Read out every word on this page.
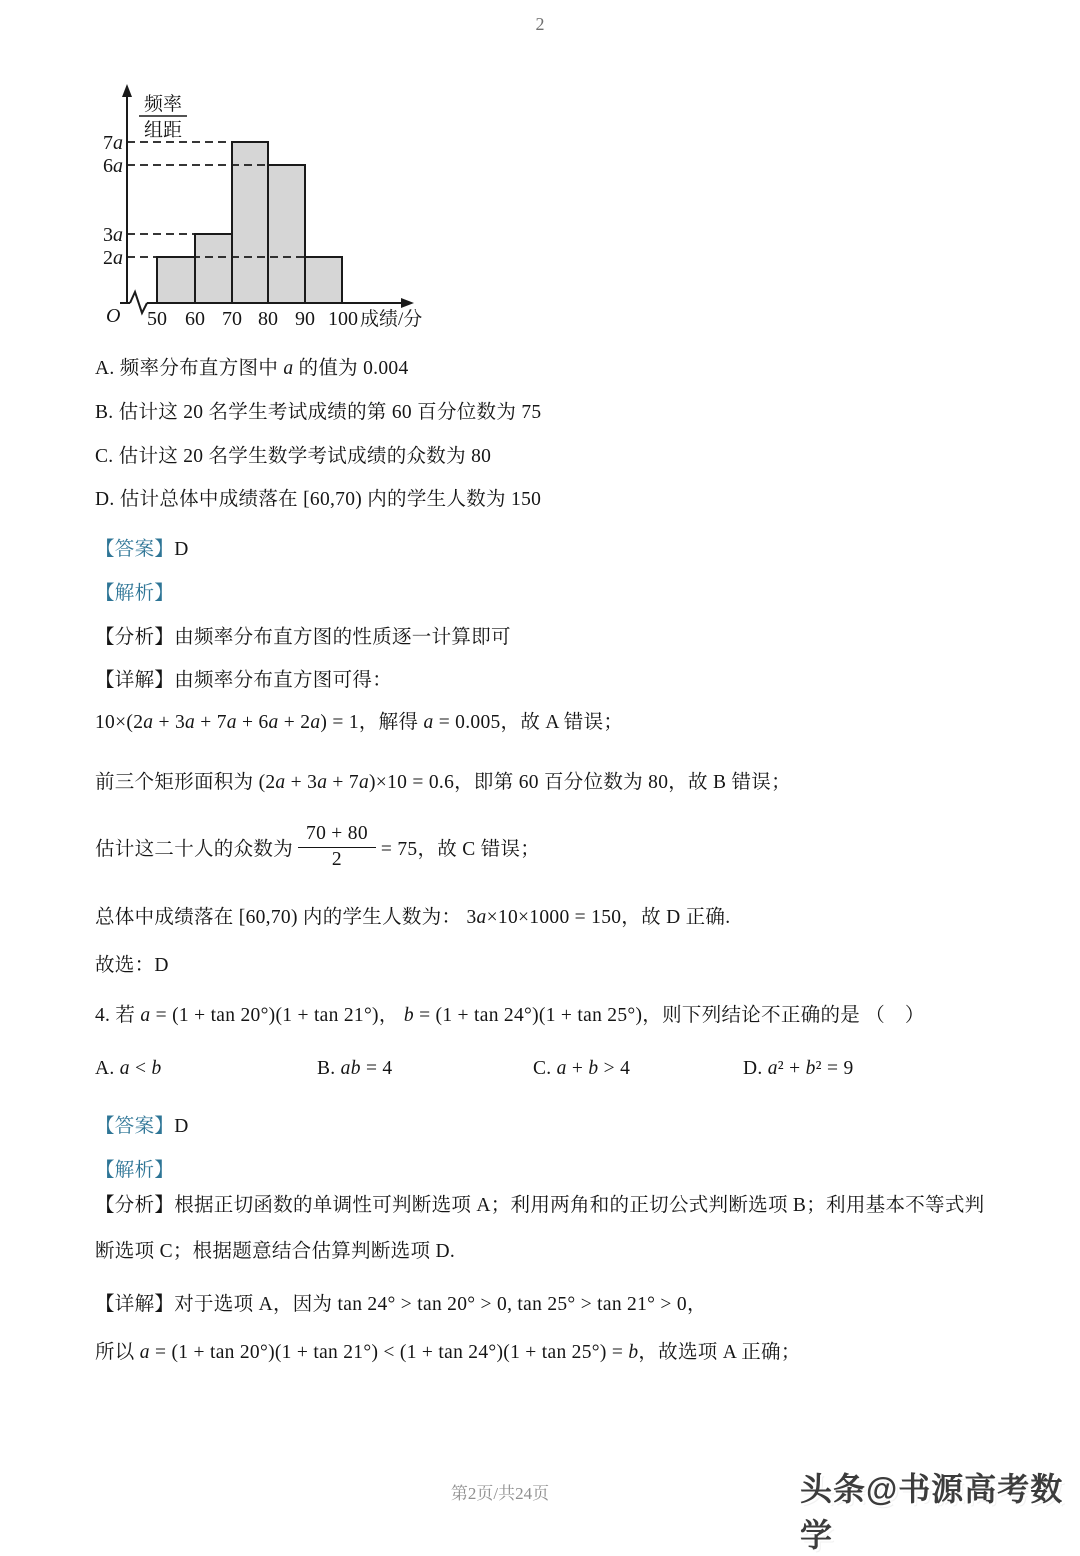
2
频率
组距
7a
6a
3a
2a
50 60 70 80 90 100 成绩/分
O
A. 频率分布直方图中 a 的值为 0.004
B. 估计这 20 名学生考试成绩的第 60 百分位数为 75
C. 估计这 20 名学生数学考试成绩的众数为 80
D. 估计总体中成绩落在 [60,70) 内的学生人数为 150
【答案】D
【解析】
【分析】由频率分布直方图的性质逐一计算即可
【详解】由频率分布直方图可得：
10×(2a + 3a + 7a + 6a + 2a) = 1，解得 a = 0.005，故 A 错误；
前三个矩形面积为 (2a + 3a + 7a)×10 = 0.6，即第 60 百分位数为 80，故 B 错误；
估计这二十人的众数为 $\frac{70 + 80}{2} = 75$，故 C 错误；
总体中成绩落在 [60,70) 内的学生人数为： 3a×10×1000 = 150，故 D 正确.
故选：D
4. 若 a = (1 + tan 20°)(1 + tan 21°)， b = (1 + tan 24°)(1 + tan 25°)，则下列结论不正确的是 （　）
A. a < b	B. ab = 4	C. a + b > 4	D. a² + b² = 9
【答案】D
【解析】
【分析】根据正切函数的单调性可判断选项 A；利用两角和的正切公式判断选项 B；利用基本不等式判断选项 C；根据题意结合估算判断选项 D.
【详解】对于选项 A，因为 tan 24° > tan 20° > 0, tan 25° > tan 21° > 0，
所以 a = (1 + tan 20°)(1 + tan 21°) < (1 + tan 24°)(1 + tan 25°) = b，故选项 A 正确；
第2页/共24页	头条@书源高考数学
